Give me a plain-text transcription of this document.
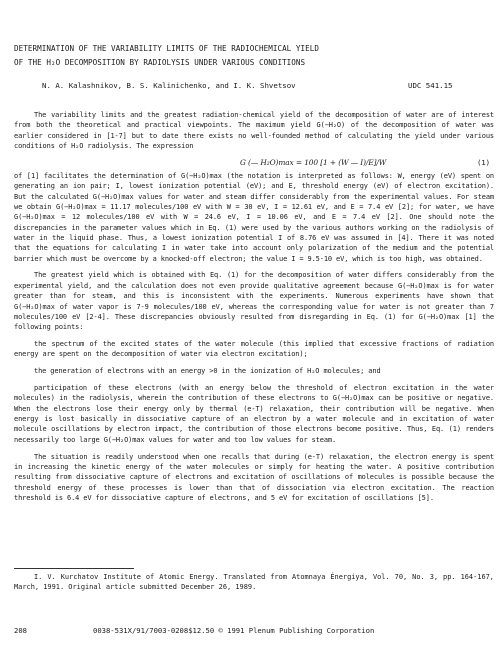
DETERMINATION OF THE VARIABILITY LIMITS OF THE RADIOCHEMICAL YIELD
OF THE H₂O DECOMPOSITION BY RADIOLYSIS UNDER VARIOUS CONDITIONS
N. A. Kalashnikov, B. S. Kalinichenko, and I. K. Shvetsov	UDC 541.15

The variability limits and the greatest radiation-chemical yield of the decomposition of water are of interest from both the theoretical and practical viewpoints. The maximum yield G(−H₂O) of the decomposition of water was earlier considered in [1-7] but to date there exists no well-founded method of calculating the yield under various conditions of H₂O radiolysis. The expression

G (— H₂O)max = 100 [1 + (W — I)/E]/W	(1)

of [1] facilitates the determination of G(−H₂O)max (the notation is interpreted as follows: W, energy (eV) spent on generating an ion pair; I, lowest ionization potential (eV); and E, threshold energy (eV) of electron excitation). But the calculated G(−H₂O)max values for water and steam differ considerably from the experimental values. For steam we obtain G(−H₂O)max = 11.17 molecules/100 eV with W = 30 eV, I = 12.61 eV, and E = 7.4 eV [2]; for water, we have G(−H₂O)max = 12 molecules/100 eV with W = 24.6 eV, I = 10.06 eV, and E = 7.4 eV [2]. One should note the discrepancies in the parameter values which in Eq. (1) were used by the various authors working on the radiolysis of water in the liquid phase. Thus, a lowest ionization potential I of 8.76 eV was assumed in [4]. There it was noted that the equations for calculating I in water take into account only polarization of the medium and the potential barrier which must be overcome by a knocked-off electron; the value I = 9.5-10 eV, which is too high, was obtained.

The greatest yield which is obtained with Eq. (1) for the decomposition of water differs considerably from the experimental yield, and the calculation does not even provide qualitative agreement because G(−H₂O)max is for water greater than for steam, and this is inconsistent with the experiments. Numerous experiments have shown that G(−H₂O)max of water vapor is 7-9 molecules/100 eV, whereas the corresponding value for water is not greater than 7 molecules/100 eV [2-4]. These discrepancies obviously resulted from disregarding in Eq. (1) for G(−H₂O)max [1] the following points:

the spectrum of the excited states of the water molecule (this implied that excessive fractions of radiation energy are spent on the decomposition of water via electron excitation);

the generation of electrons with an energy >0 in the ionization of H₂O molecules; and

participation of these electrons (with an energy below the threshold of electron excitation in the water molecules) in the radiolysis, wherein the contribution of these electrons to G(−H₂O)max can be positive or negative. When the electrons lose their energy only by thermal (e-T) relaxation, their contribution will be negative. When energy is lost basically in dissociative capture of an electron by a water molecule and in excitation of water molecule oscillations by electron impact, the contribution of those electrons become positive. Thus, Eq. (1) renders necessarily too large G(−H₂O)max values for water and too low values for steam.

The situation is readily understood when one recalls that during (e-T) relaxation, the electron energy is spent in increasing the kinetic energy of the water molecules or simply for heating the water. A positive contribution resulting from dissociative capture of electrons and excitation of oscillations of molecules is possible because the threshold energy of these processes is lower than that of dissociation via electron excitation. The reaction threshold is 6.4 eV for dissociative capture of electrons, and 5 eV for excitation of oscillations [5].

I. V. Kurchatov Institute of Atomic Energy. Translated from Atomnaya Énergiya, Vol. 70, No. 3, pp. 164-167, March, 1991. Original article submitted December 26, 1989.
208	0038-531X/91/7003-0208$12.50 © 1991 Plenum Publishing Corporation
